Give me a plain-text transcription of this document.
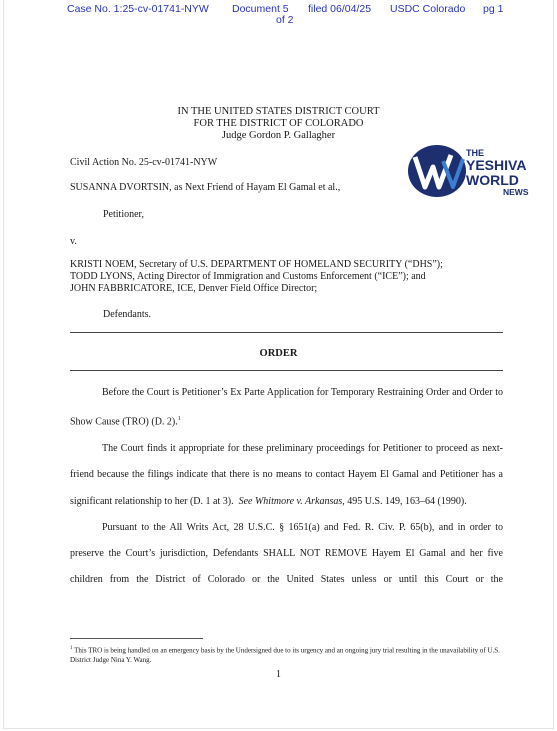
Case No. 1:25-cv-01741-NYW Document 5
of 2
filed 06/04/25 USDC Colorado pg 1
IN THE UNITED STATES DISTRICT COURT
FOR THE DISTRICT OF COLORADO
Judge Gordon P. Gallagher
THE
YESHIVA
WORLD
NEWS
Civil Action No. 25-cv-01741-NYW
SUSANNA DVORTSIN, as Next Friend of Hayam El Gamal et al.,
Petitioner,
v.
KRISTI NOEM, Secretary of U.S. DEPARTMENT OF HOMELAND SECURITY (“DHS”);
TODD LYONS, Acting Director of Immigration and Customs Enforcement (“ICE”); and
JOHN FABBRICATORE, ICE, Denver Field Office Director;
Defendants.
ORDER

Before the Court is Petitioner’s Ex Parte Application for Temporary Restraining Order and Order to Show Cause (TRO) (D. 2).$^1$

The Court finds it appropriate for these preliminary proceedings for Petitioner to proceed as next-friend because the filings indicate that there is no means to contact Hayem El Gamal and Petitioner has a significant relationship to her (D. 1 at 3). See Whitmore v. Arkansas, 495 U.S. 149, 163–64 (1990).

Pursuant to the All Writs Act, 28 U.S.C. § 1651(a) and Fed. R. Civ. P. 65(b), and in order to preserve the Court’s jurisdiction, Defendants SHALL NOT REMOVE Hayem El Gamal and her five children from the District of Colorado or the United States unless or until this Court or the

$^1$ This TRO is being handled on an emergency basis by the Undersigned due to its urgency and an ongoing jury trial resulting in the unavailability of U.S. District Judge Nina Y. Wang.
1
